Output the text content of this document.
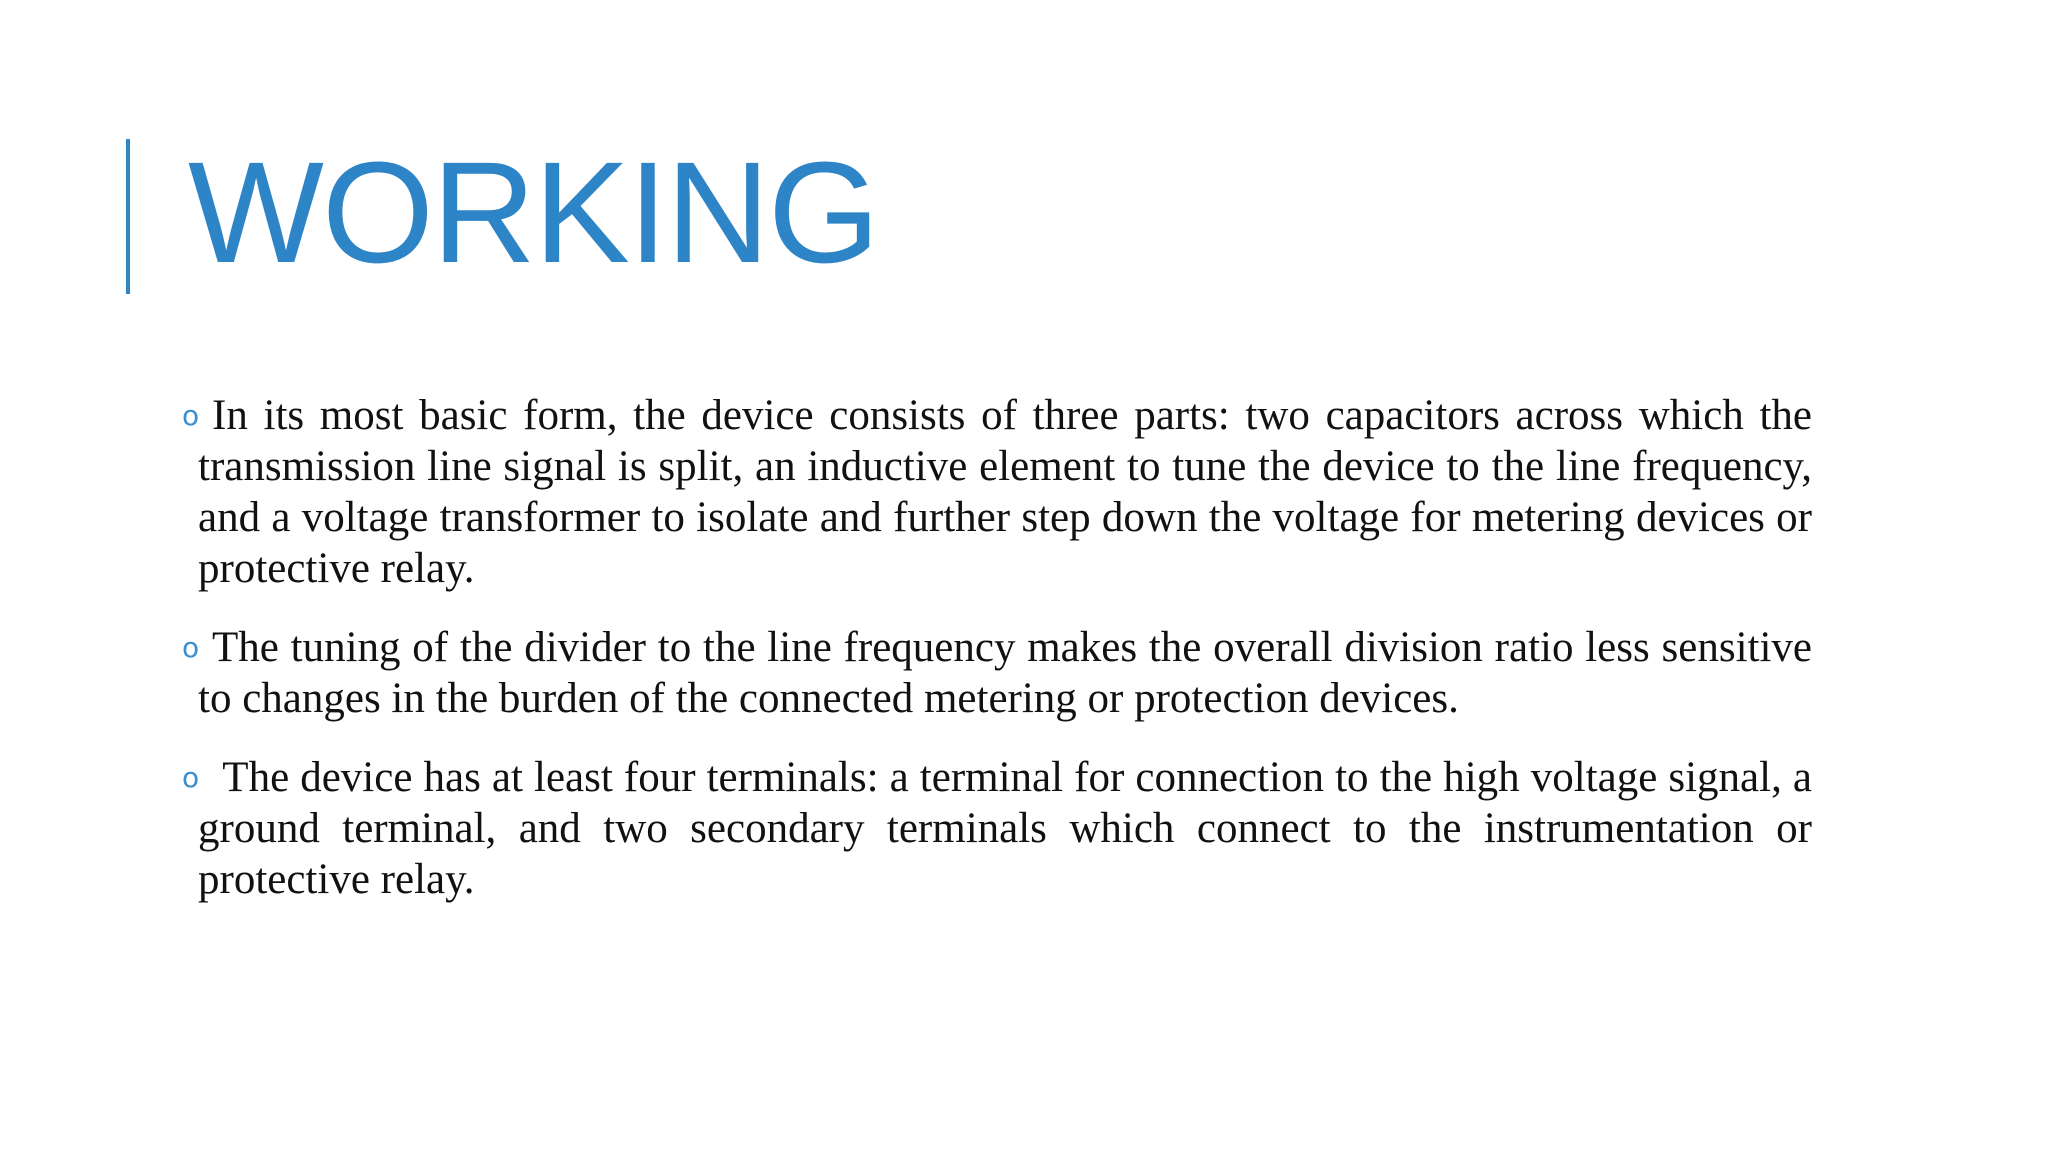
WORKING
o In its most basic form, the device consists of three parts: two capacitors across which the transmission line signal is split, an inductive element to tune the device to the line frequency, and a voltage transformer to isolate and further step down the voltage for metering devices or protective relay.
o The tuning of the divider to the line frequency makes the overall division ratio less sensitive to changes in the burden of the connected metering or protection devices.
o The device has at least four terminals: a terminal for connection to the high voltage signal, a ground terminal, and two secondary terminals which connect to the instrumentation or protective relay.
